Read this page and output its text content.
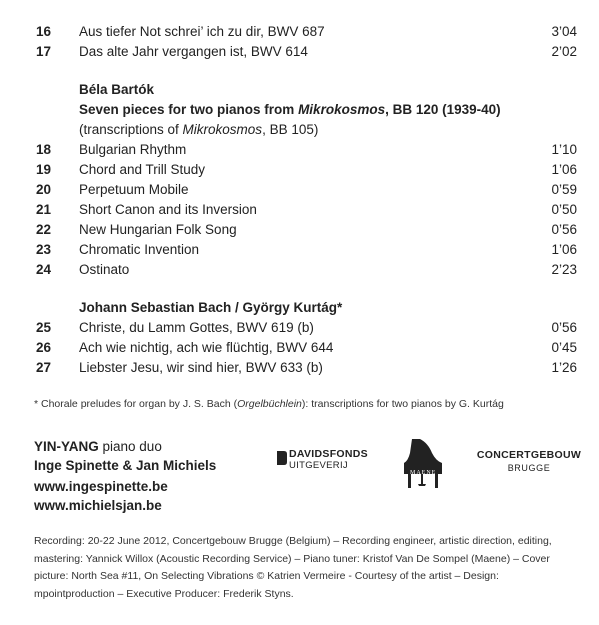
16 Aus tiefer Not schrei’ ich zu dir, BWV 687	3’04
17 Das alte Jahr vergangen ist, BWV 614	2’02
Béla Bartók
Seven pieces for two pianos from Mikrokosmos, BB 120 (1939-40)
(transcriptions of Mikrokosmos, BB 105)
18 Bulgarian Rhythm	1’10
19 Chord and Trill Study	1’06
20 Perpetuum Mobile	0’59
21 Short Canon and its Inversion	0’50
22 New Hungarian Folk Song	0’56
23 Chromatic Invention	1’06
24 Ostinato	2’23
Johann Sebastian Bach / György Kurtág*
25 Christe, du Lamm Gottes, BWV 619 (b)	0’56
26 Ach wie nichtig, ach wie flüchtig, BWV 644	0’45
27 Liebster Jesu, wir sind hier, BWV 633 (b)	1’26
* Chorale preludes for organ by J. S. Bach (Orgelbüchlein): transcriptions for two pianos by G. Kurtág
YIN-YANG piano duo
Inge Spinette & Jan Michiels
www.ingespinette.be
www.michielsjan.be
DAVIDSFONDS
UITGEVERIJ
MAENE
CONCERTGEBOUW
BRUGGE
Recording: 20-22 June 2012, Concertgebouw Brugge (Belgium) – Recording engineer, artistic direction, editing, mastering: Yannick Willox (Acoustic Recording Service) – Piano tuner: Kristof Van De Sompel (Maene) – Cover picture: North Sea #11, On Selecting Vibrations © Katrien Vermeire - Courtesy of the artist – Design: mpointproduction – Executive Producer: Frederik Styns.
